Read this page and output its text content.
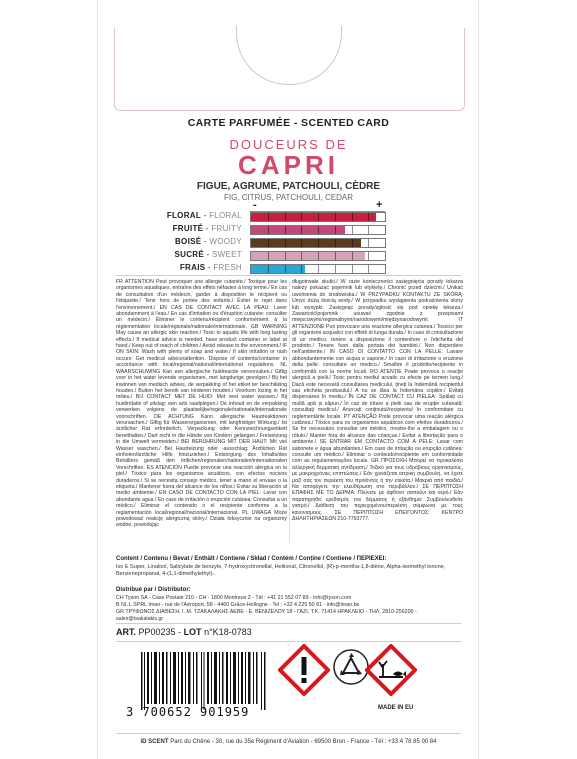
CARTE PARFUMÉE - SCENTED CARD
DOUCEURS DE
CAPRI
FIGUE, AGRUME, PATCHOULI, CÈDRE
FIG, CITRUS, PATCHOULI, CEDAR
-	+
FLORAL - FLORAL
FRUITÉ - FRUITY
BOISÉ - WOODY
SUCRÉ - SWEET
FRAIS - FRESH
FR ATTENTION Peut provoquer une allergie cutanée./ Toxique pour les organismes aquatiques, entraîne des effets néfastes à long terme./ En cas de consultation d'un médecin, garder à disposition le récipient ou l'étiquette./ Tenir hors de portée des enfants./ Éviter le rejet dans l'environnement./ EN CAS DE CONTACT AVEC LA PEAU: Laver abondamment à l'eau./ En cas d'irritation ou d'éruption cutanée: consulter un médecin./ Éliminer le contenu/récipient conformément à la réglementation locale/régionale/nationale/internationale. GB WARNING May cause an allergic skin reaction./ Toxic to aquatic life with long lasting effects./ If medical advice is needed, have product container or label at hand./ Keep out of reach of children./ Avoid release to the environment./ IF ON SKIN: Wash with plenty of soap and water./ If skin irritation or rash occurs: Get medical advice/attention. Dispose of contents/container in accordance with local/regional/national/international regulations. NL WAARSCHUWING Kan een allergische huidreactie veroorzaken./ Giftig voor in het water levende organismen, met langdurige gevolgen./ Bij het inwinnen van medisch advies, de verpakking of het etiket ter beschikking houden./ Buiten het bereik van kinderen houden./ Voorkom lozing in het milieu./ BIJ CONTACT MET DE HUID: Met veel water wassen./ Bij huidirritatie of uitslag: een arts raadplegen./ De inhoud en de verpakking verwerken volgens de plaatselijke/regionale/nationale/internationale voorschriften. DE ACHTUNG Kann allergische Hautreaktionen verursachen./ Giftig für Wasserorganismen, mit langfristiger Wirkung./ Ist ärztlicher Rat erforderlich, Verpackung oder Kennzeichnungsetikett bereithalten./ Darf nicht in die Hände von Kindern gelangen./ Freisetzung in die Umwelt vermeiden./ BEI BERÜHRUNG MIT DER HAUT: Mit viel Wasser waschen./ Bei Hautreizung oder -ausschlag: Ärztlichen Rat einholen/ärztliche Hilfe hinzuziehen./ Entsorgung des Inhalts/des Behälters gemäß den örtlichen/regionalen/nationalen/internationalen Vorschriften. ES ATENCIÓN Puede provocar una reacción alérgica en la piel./ Tóxico para los organismos acuáticos, con efectos nocivos duraderos./ Si se necesita consejo médico, tener a mano el envase o la etiqueta./ Mantener fuera del alcance de los niños./ Evitar su liberación al medio ambiente./ EN CASO DE CONTACTO CON LA PIEL: Lavar con abundante agua./ En caso de irritación o erupción cutánea: Consultar a un médico./ Eliminar el contenido o el recipiente conforme a la reglamentación local/regional/nacional/internacional. PL UWAGA Może powodować reakcję alergiczną skóry./ Działa toksycznie na organizmy wodne, powodując
długotrwałe skutki./ W razie konieczności zasięgnięcia porady lekarza należy pokazać pojemnik lub etykietę./ Chronić przed dziećmi./ Unikać uwolnienia do środowiska./ W PRZYPADKU KONTAKTU ZE SKÓRĄ: Umyć dużą ilością wody./ W przypadku wystąpienia podrażnienia skóry lub wysypki: Zasięgnąć porady/zgłosić się pod opiekę lekarza./ Zawartość/pojemnik usuwać zgodnie z przepisami miejscowymi/regionalnymi/narodowymi/międzynarodowymi. IT ATTENZIONE Può provocare una reazione allergica cutanea./ Tossico per gli organismi acquatici con effetti di lunga durata./ In caso di consultazione di un medico, tenere a disposizione il contenitore o l'etichetta del prodotto./ Tenere fuori dalla portata dei bambini./ Non disperdere nell'ambiente./ IN CASO DI CONTATTO CON LA PELLE: Lavare abbondantemente con acqua e sapone./ In caso di irritazione o eruzione della pelle: consultare un medico./ Smaltire il prodotto/recipiente in conformità con la norme locali. RO ATENȚIE Poate provoca o reacție alergică a pielii./ Toxic pentru mediul acvatic cu efecte pe termen lung./ Dacă este necesară consultarea medicului, țineți la îndemână recipientul sau eticheta produsului./ A nu se lăsa la îndemâna copiilor./ Evitați dispersarea în mediu./ ÎN CAZ DE CONTACT CU PIELEA: Spălați cu multă apă și săpun./ În caz de iritare a pielii sau de erupție cutanată: consultați medicul./ Aruncați conținutul/recipientul în conformitate cu reglementările locale. PT ATENÇÃO Pode provocar uma reação alérgica cutânea./ Tóxico para os organismos aquáticos com efeitos duradouros./ Se for necessário consultar um médico, mostre-lhe a embalagem ou o rótulo./ Manter fora do alcance das crianças./ Evitar a libertação para o ambiente./ SE ENTRAR EM CONTACTO COM A PELE: Lavar com sabonete e água abundantes./ Em caso de irritação ou erupção cutânea: consulte um médico./ Eliminar o conteúdo/recipiente em conformidade com as regulamentações locais. GR ΠΡΟΣΟΧΗ Μπορεί να προκαλέσει αλλεργική δερματική αντίδραση./ Τοξικό για τους υδρόβιους οργανισμούς, με μακροχρόνιες επιπτώσεις./ Εάν χρειάζεται ιατρική συμβουλή, να έχετε μαζί σας τον περιέκτη του προϊόντος ή την ετικέτα./ Μακριά από παιδιά./ Να αποφύγετε την ελευθέρωση στο περιβάλλον./ ΣΕ ΠΕΡΙΠΤΩΣΗ ΕΠΑΦΗΣ ΜΕ ΤΟ ΔΕΡΜΑ: Πλύνετε με άφθονο σαπούνι και νερό./ Εάν παρατηρηθεί ερεθισμός του δέρματος ή εξάνθημα: Συμβουλευθείτε γιατρό./ Διάθεση του περιεχομένου/περιέκτη σύμφωνα με τους κανονισμούς. ΣΕ ΠΕΡΙΠΤΩΣΗ ΕΠΕΙΓΟΝΤΟΣ: ΚΕΝΤΡΟ ΔΗΛΗΤΗΡΙΑΣΕΩΝ 210-7793777.
Content / Contenu / Bevat / Enthält / Contiene / Skład / Contém / Conține / Contiene / ΠΕΡΙΕΧΕΙ:
Iso E Super, Linalool, Salicylate de benzyle, 7-hydroxycitronellal, Heliional, Citronellol, (R)-p-mentha-1,8-diène, Alpha-isomethyl ionone, Benzenepropanal, 4-(1,1-dimethylethyl)-.
Distribué par / Distributor:
CH Tyson SA - Case Postale 210 - CH - 1800 Montreux 2 - Tél : +41 21 552 07 89 - info@tyson.com
B NL L SPRL Imao - rue de l'Aéroport, 58 - 4460 Grâce-Hollogne - Tel : +32 4 225 50 81 - info@imao.be
GR ΤΡΥΦΩΝΟΣ ΔΙΑΘΕΣΗ, Ι. Μ. ΤΖΑΚΑΛΑΚΗΣ ΑΕΒΕ - Ε. ΒΕΝΙΖΕΛΟΥ 18 - ΓΑΖΙ, Τ.Κ. 71414 ΗΡΑΚΛΕΙΟ - ΤΗΛ. 2810-256200 - sales@tsakalakis.gr
ART. PP00235 - LOT n°K18-0783
3 700652 901959	MADE IN EU
iD SCENT Parc du Chêne - 30, rue du 35e Régiment d'Aviation - 69500 Bron - France - Tél : +33 4 78 85 00 84
